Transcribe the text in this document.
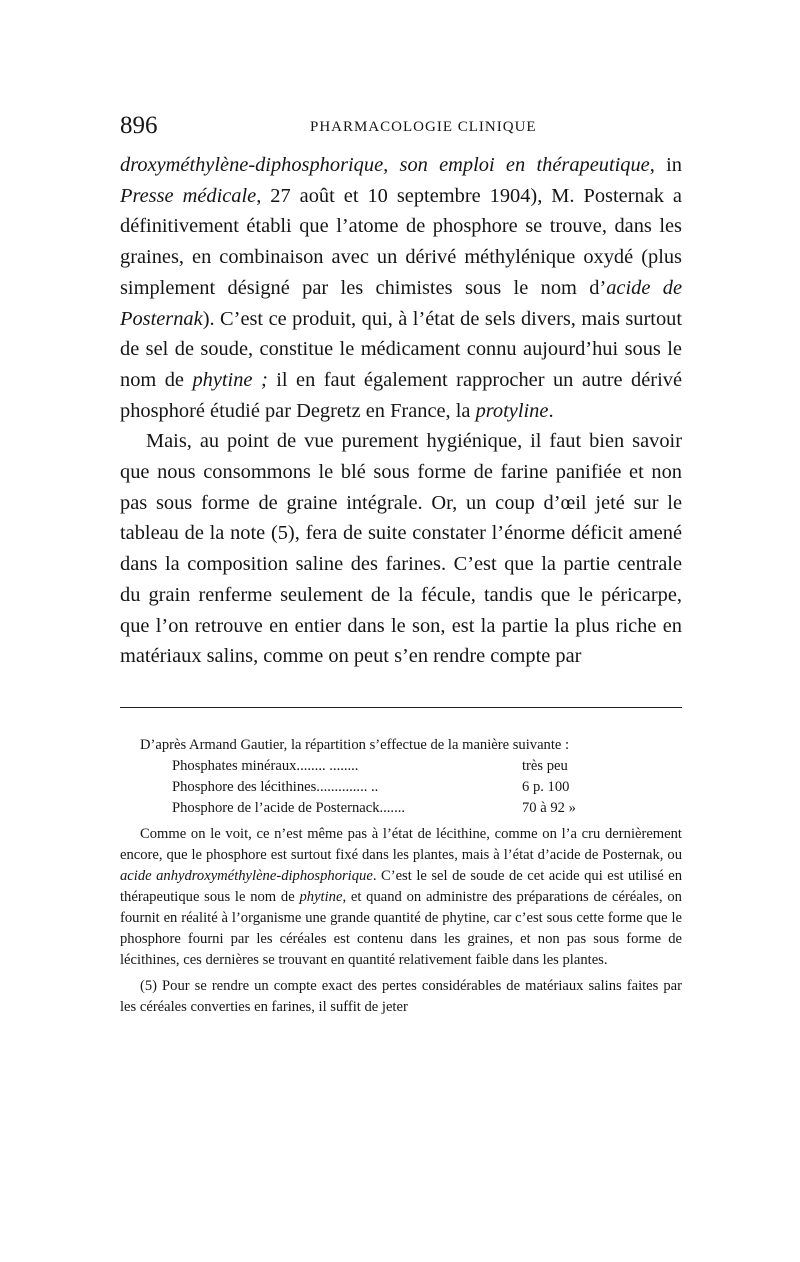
896	PHARMACOLOGIE CLINIQUE

droxyméthylène-diphosphorique, son emploi en thérapeutique, in Presse médicale, 27 août et 10 septembre 1904), M. Posternak a définitivement établi que l’atome de phosphore se trouve, dans les graines, en combinaison avec un dérivé méthylénique oxydé (plus simplement désigné par les chimistes sous le nom d’acide de Posternak). C’est ce produit, qui, à l’état de sels divers, mais surtout de sel de soude, constitue le médicament connu aujourd’hui sous le nom de phytine ; il en faut également rapprocher un autre dérivé phosphoré étudié par Degretz en France, la protyline.

Mais, au point de vue purement hygiénique, il faut bien savoir que nous consommons le blé sous forme de farine panifiée et non pas sous forme de graine intégrale. Or, un coup d’œil jeté sur le tableau de la note (5), fera de suite constater l’énorme déficit amené dans la composition saline des farines. C’est que la partie centrale du grain renferme seulement de la fécule, tandis que le péricarpe, que l’on retrouve en entier dans le son, est la partie la plus riche en matériaux salins, comme on peut s’en rendre compte par

D’après Armand Gautier, la répartition s’effectue de la manière suivante :

Phosphates minéraux........ ........	très peu
Phosphore des lécithines.............. ..	6 p. 100
Phosphore de l’acide de Posternack.......	70 à 92 »

Comme on le voit, ce n’est même pas à l’état de lécithine, comme on l’a cru dernièrement encore, que le phosphore est surtout fixé dans les plantes, mais à l’état d’acide de Posternak, ou acide anhydroxyméthylène-diphosphorique. C’est le sel de soude de cet acide qui est utilisé en thérapeutique sous le nom de phytine, et quand on administre des préparations de céréales, on fournit en réalité à l’organisme une grande quantité de phytine, car c’est sous cette forme que le phosphore fourni par les céréales est contenu dans les graines, et non pas sous forme de lécithines, ces dernières se trouvant en quantité relativement faible dans les plantes.

(5) Pour se rendre un compte exact des pertes considérables de matériaux salins faites par les céréales converties en farines, il suffit de jeter
